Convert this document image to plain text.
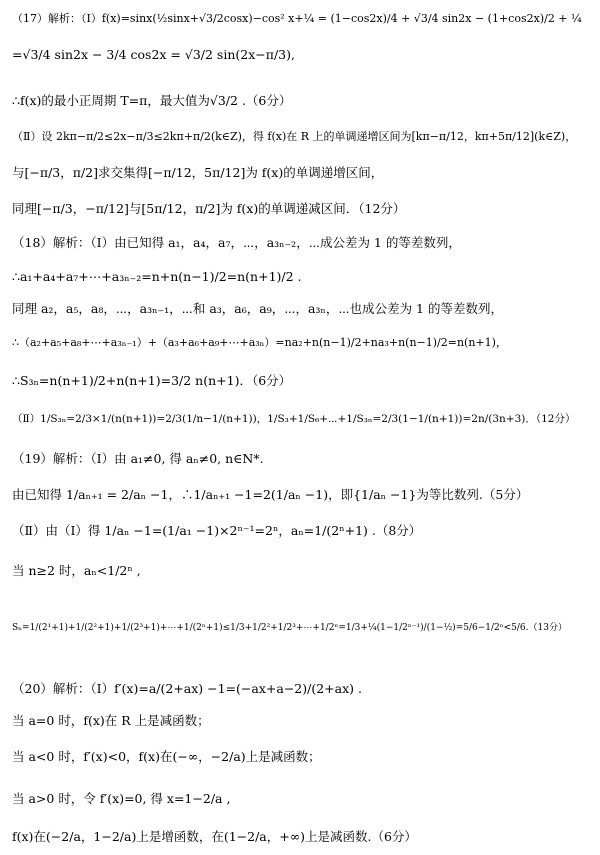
（17）解析：（Ⅰ）f(x)=sinx(½sinx+√3/2cosx)−cos² x+¼ = (1−cos2x)/4 + √3/4 sin2x − (1+cos2x)/2 + ¼
=√3/4 sin2x − 3/4 cos2x = √3/2 sin(2x−π/3),
∴f(x)的最小正周期 T=π，最大值为√3/2 .（6分）
（Ⅱ）设 2kπ−π/2≤2x−π/3≤2kπ+π/2(k∈Z)，得 f(x)在 R 上的单调递增区间为[kπ−π/12，kπ+5π/12](k∈Z)，
与[−π/3，π/2]求交集得[−π/12，5π/12]为 f(x)的单调递增区间，
同理[−π/3，−π/12]与[5π/12，π/2]为 f(x)的单调递减区间．（12分）
（18）解析：（Ⅰ）由已知得 a₁，a₄，a₇，⋯，a₃ₙ₋₂，⋯成公差为 1 的等差数列，
∴a₁+a₄+a₇+⋯+a₃ₙ₋₂=n+n(n−1)/2=n(n+1)/2 .
同理 a₂，a₅，a₈，⋯，a₃ₙ₋₁，⋯和 a₃，a₆，a₉，⋯，a₃ₙ，⋯也成公差为 1 的等差数列，
∴（a₂+a₅+a₈+⋯+a₃ₙ₋₁）+（a₃+a₆+a₉+⋯+a₃ₙ）=na₂+n(n−1)/2+na₃+n(n−1)/2=n(n+1)，
∴S₃ₙ=n(n+1)/2+n(n+1)=3/2 n(n+1)．（6分）
（Ⅱ）1/S₃ₙ=2/3×1/(n(n+1))=2/3(1/n−1/(n+1))，1/S₃+1/S₆+⋯+1/S₃ₙ=2/3(1−1/(n+1))=2n/(3n+3)．（12分）
（19）解析：（Ⅰ）由 a₁≠0, 得 aₙ≠0, n∈N*.
由已知得 1/aₙ₊₁ = 2/aₙ −1，∴1/aₙ₊₁ −1=2(1/aₙ −1)，即{1/aₙ −1}为等比数列.（5分）
（Ⅱ）由（Ⅰ）得 1/aₙ −1=(1/a₁ −1)×2ⁿ⁻¹=2ⁿ，aₙ=1/(2ⁿ+1) .（8分）
当 n≥2 时，aₙ<1/2ⁿ ,
Sₙ=1/(2¹+1)+1/(2²+1)+1/(2³+1)+⋯+1/(2ⁿ+1)≤1/3+1/2²+1/2³+⋯+1/2ⁿ=1/3+¼(1−1/2ⁿ⁻¹)/(1−½)=5/6−1/2ⁿ<5/6.（13分）
（20）解析：（Ⅰ）f′(x)=a/(2+ax) −1=(−ax+a−2)/(2+ax) .
当 a=0 时，f(x)在 R 上是减函数；
当 a<0 时，f′(x)<0，f(x)在(−∞，−2/a)上是减函数；
当 a>0 时，令 f′(x)=0, 得 x=1−2/a ,
f(x)在(−2/a，1−2/a)上是增函数，在(1−2/a，+∞)上是减函数.（6分）
